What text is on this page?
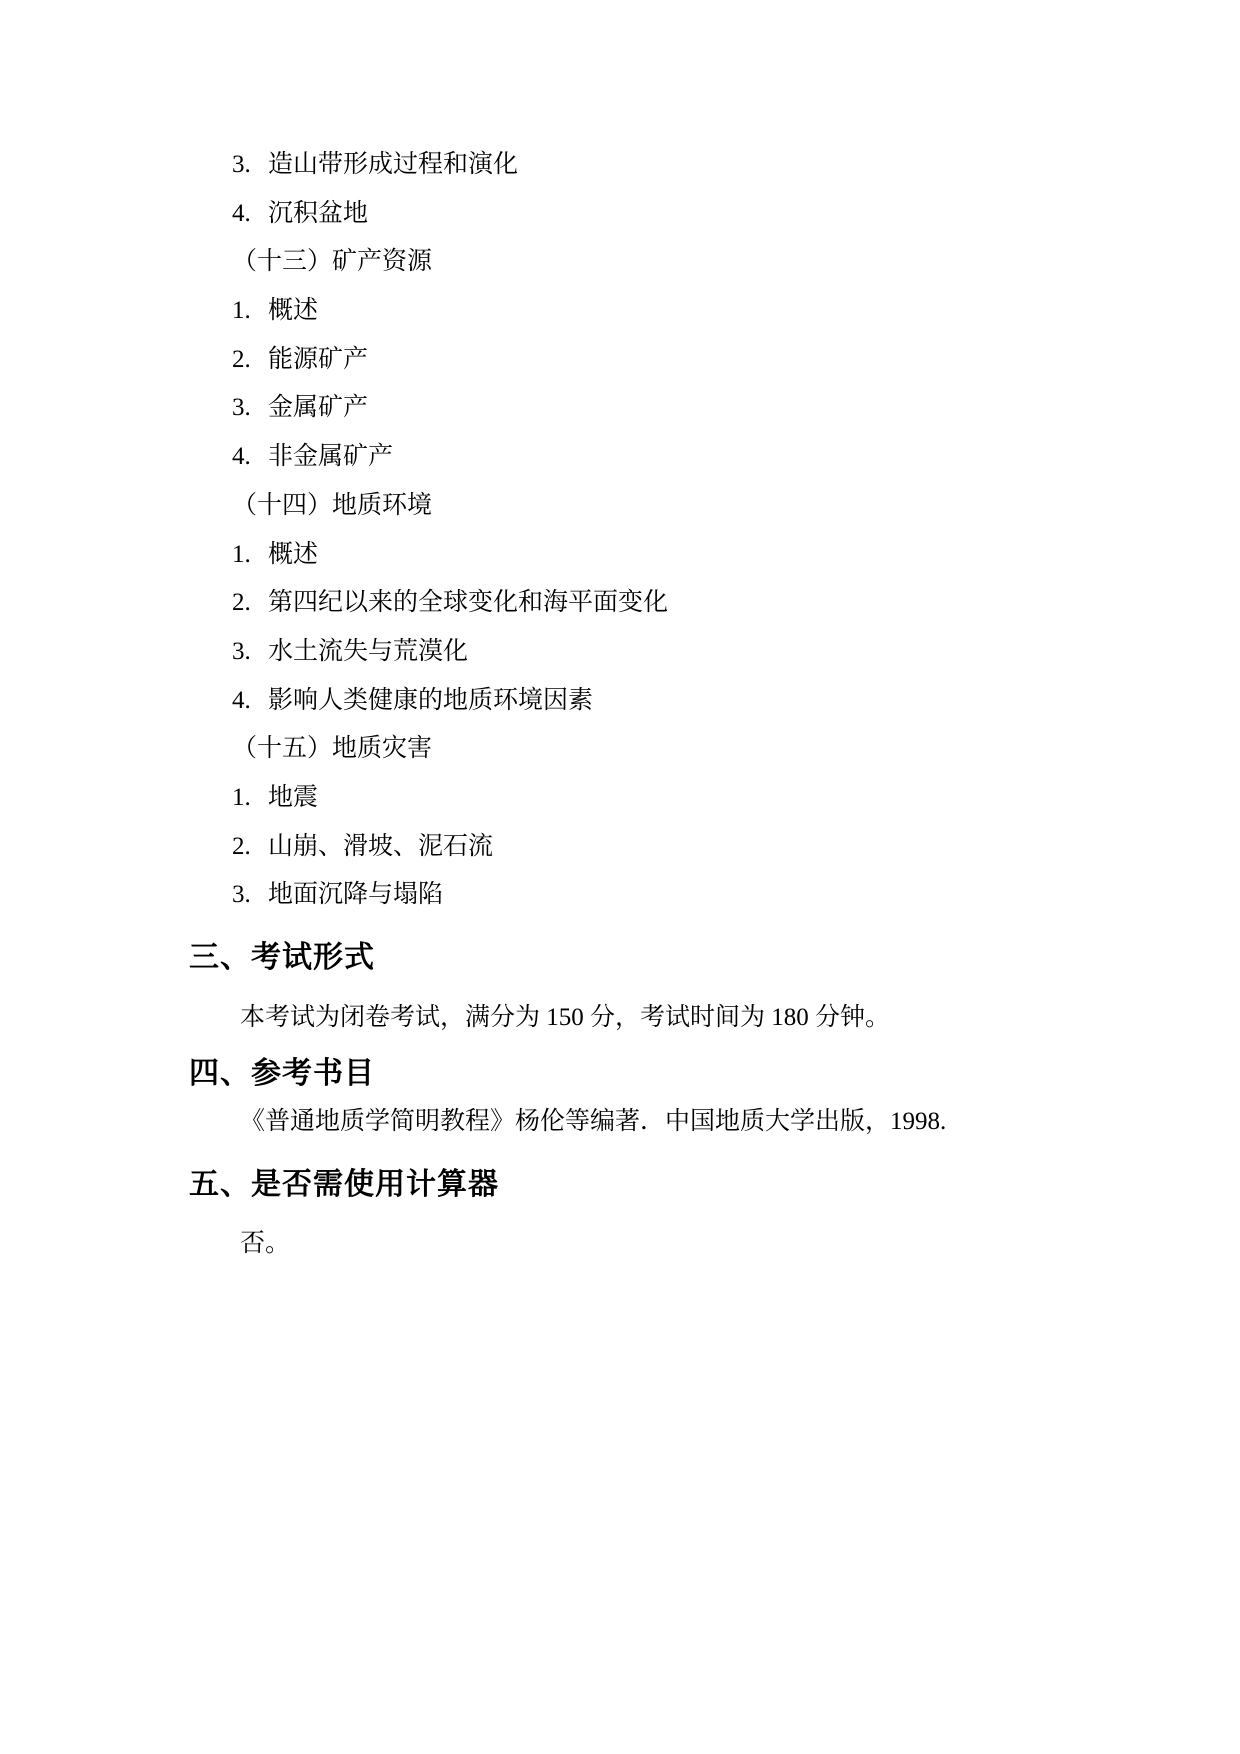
3. 造山带形成过程和演化
4. 沉积盆地
（十三）矿产资源
1. 概述
2. 能源矿产
3. 金属矿产
4. 非金属矿产
（十四）地质环境
1. 概述
2. 第四纪以来的全球变化和海平面变化
3. 水土流失与荒漠化
4. 影响人类健康的地质环境因素
（十五）地质灾害
1. 地震
2. 山崩、滑坡、泥石流
3. 地面沉降与塌陷
三、考试形式
本考试为闭卷考试，满分为 150 分，考试时间为 180 分钟。
四、参考书目
《普通地质学简明教程》杨伦等编著．中国地质大学出版，1998.
五、是否需使用计算器
否。
